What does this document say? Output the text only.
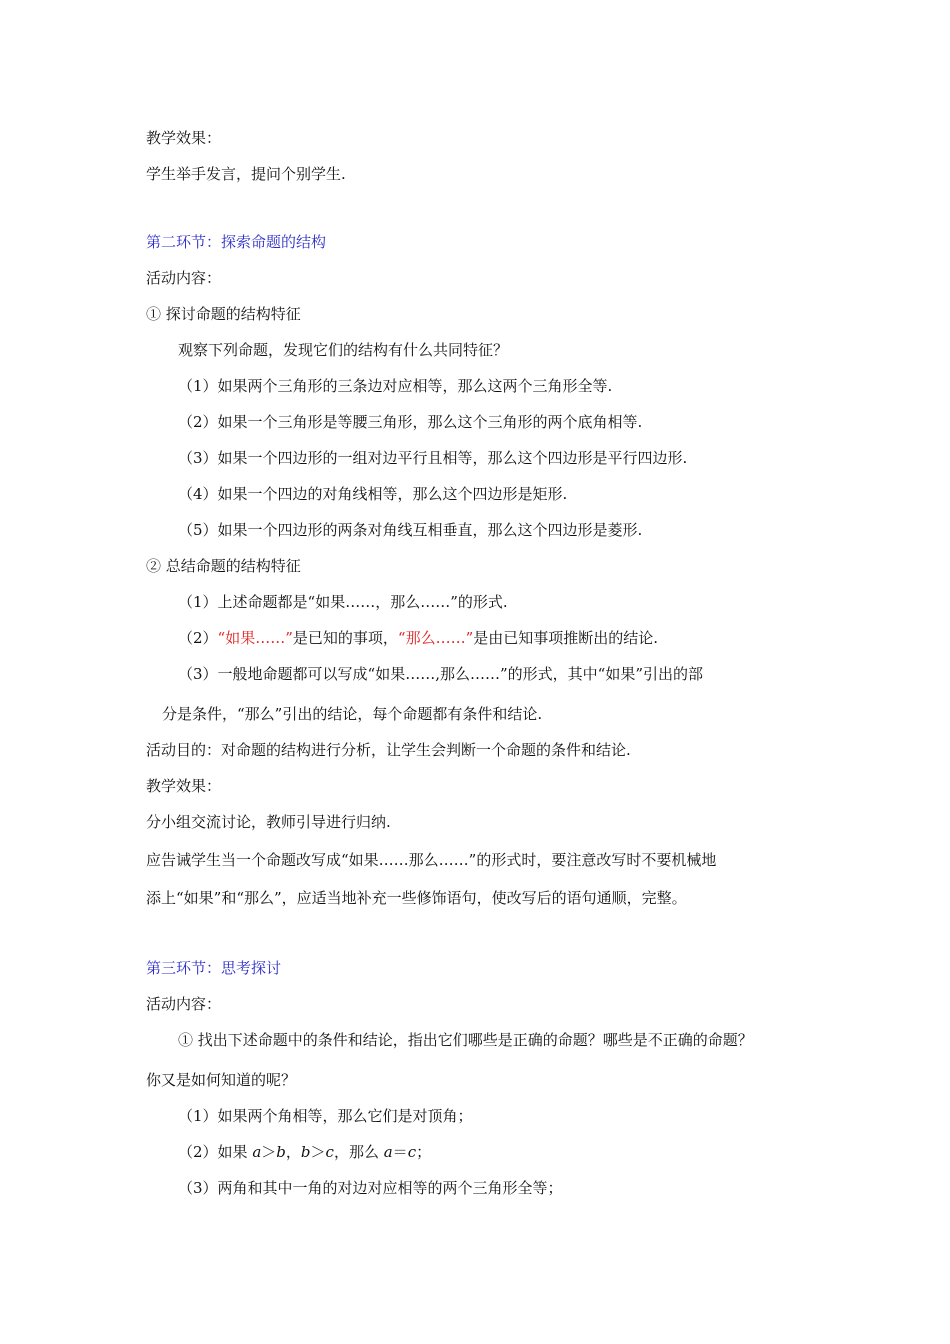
教学效果：
学生举手发言，提问个别学生.
第二环节：探索命题的结构
活动内容：
① 探讨命题的结构特征
观察下列命题，发现它们的结构有什么共同特征？
（1）如果两个三角形的三条边对应相等，那么这两个三角形全等.
（2）如果一个三角形是等腰三角形，那么这个三角形的两个底角相等.
（3）如果一个四边形的一组对边平行且相等，那么这个四边形是平行四边形.
（4）如果一个四边的对角线相等，那么这个四边形是矩形.
（5）如果一个四边形的两条对角线互相垂直，那么这个四边形是菱形.
② 总结命题的结构特征
（1）上述命题都是“如果……，那么……”的形式.
（2）“如果……”是已知的事项，“那么……”是由已知事项推断出的结论.
（3）一般地命题都可以写成“如果……,那么……”的形式，其中“如果”引出的部
分是条件，“那么”引出的结论，每个命题都有条件和结论.
活动目的：对命题的结构进行分析，让学生会判断一个命题的条件和结论.
教学效果：
分小组交流讨论，教师引导进行归纳.
应告诫学生当一个命题改写成“如果……那么……”的形式时，要注意改写时不要机械地
添上“如果”和“那么”，应适当地补充一些修饰语句，使改写后的语句通顺，完整。
第三环节：思考探讨
活动内容：
① 找出下述命题中的条件和结论，指出它们哪些是正确的命题？哪些是不正确的命题？
你又是如何知道的呢？
（1）如果两个角相等，那么它们是对顶角；
（2）如果 a＞b，b＞c，那么 a＝c；
（3）两角和其中一角的对边对应相等的两个三角形全等；
